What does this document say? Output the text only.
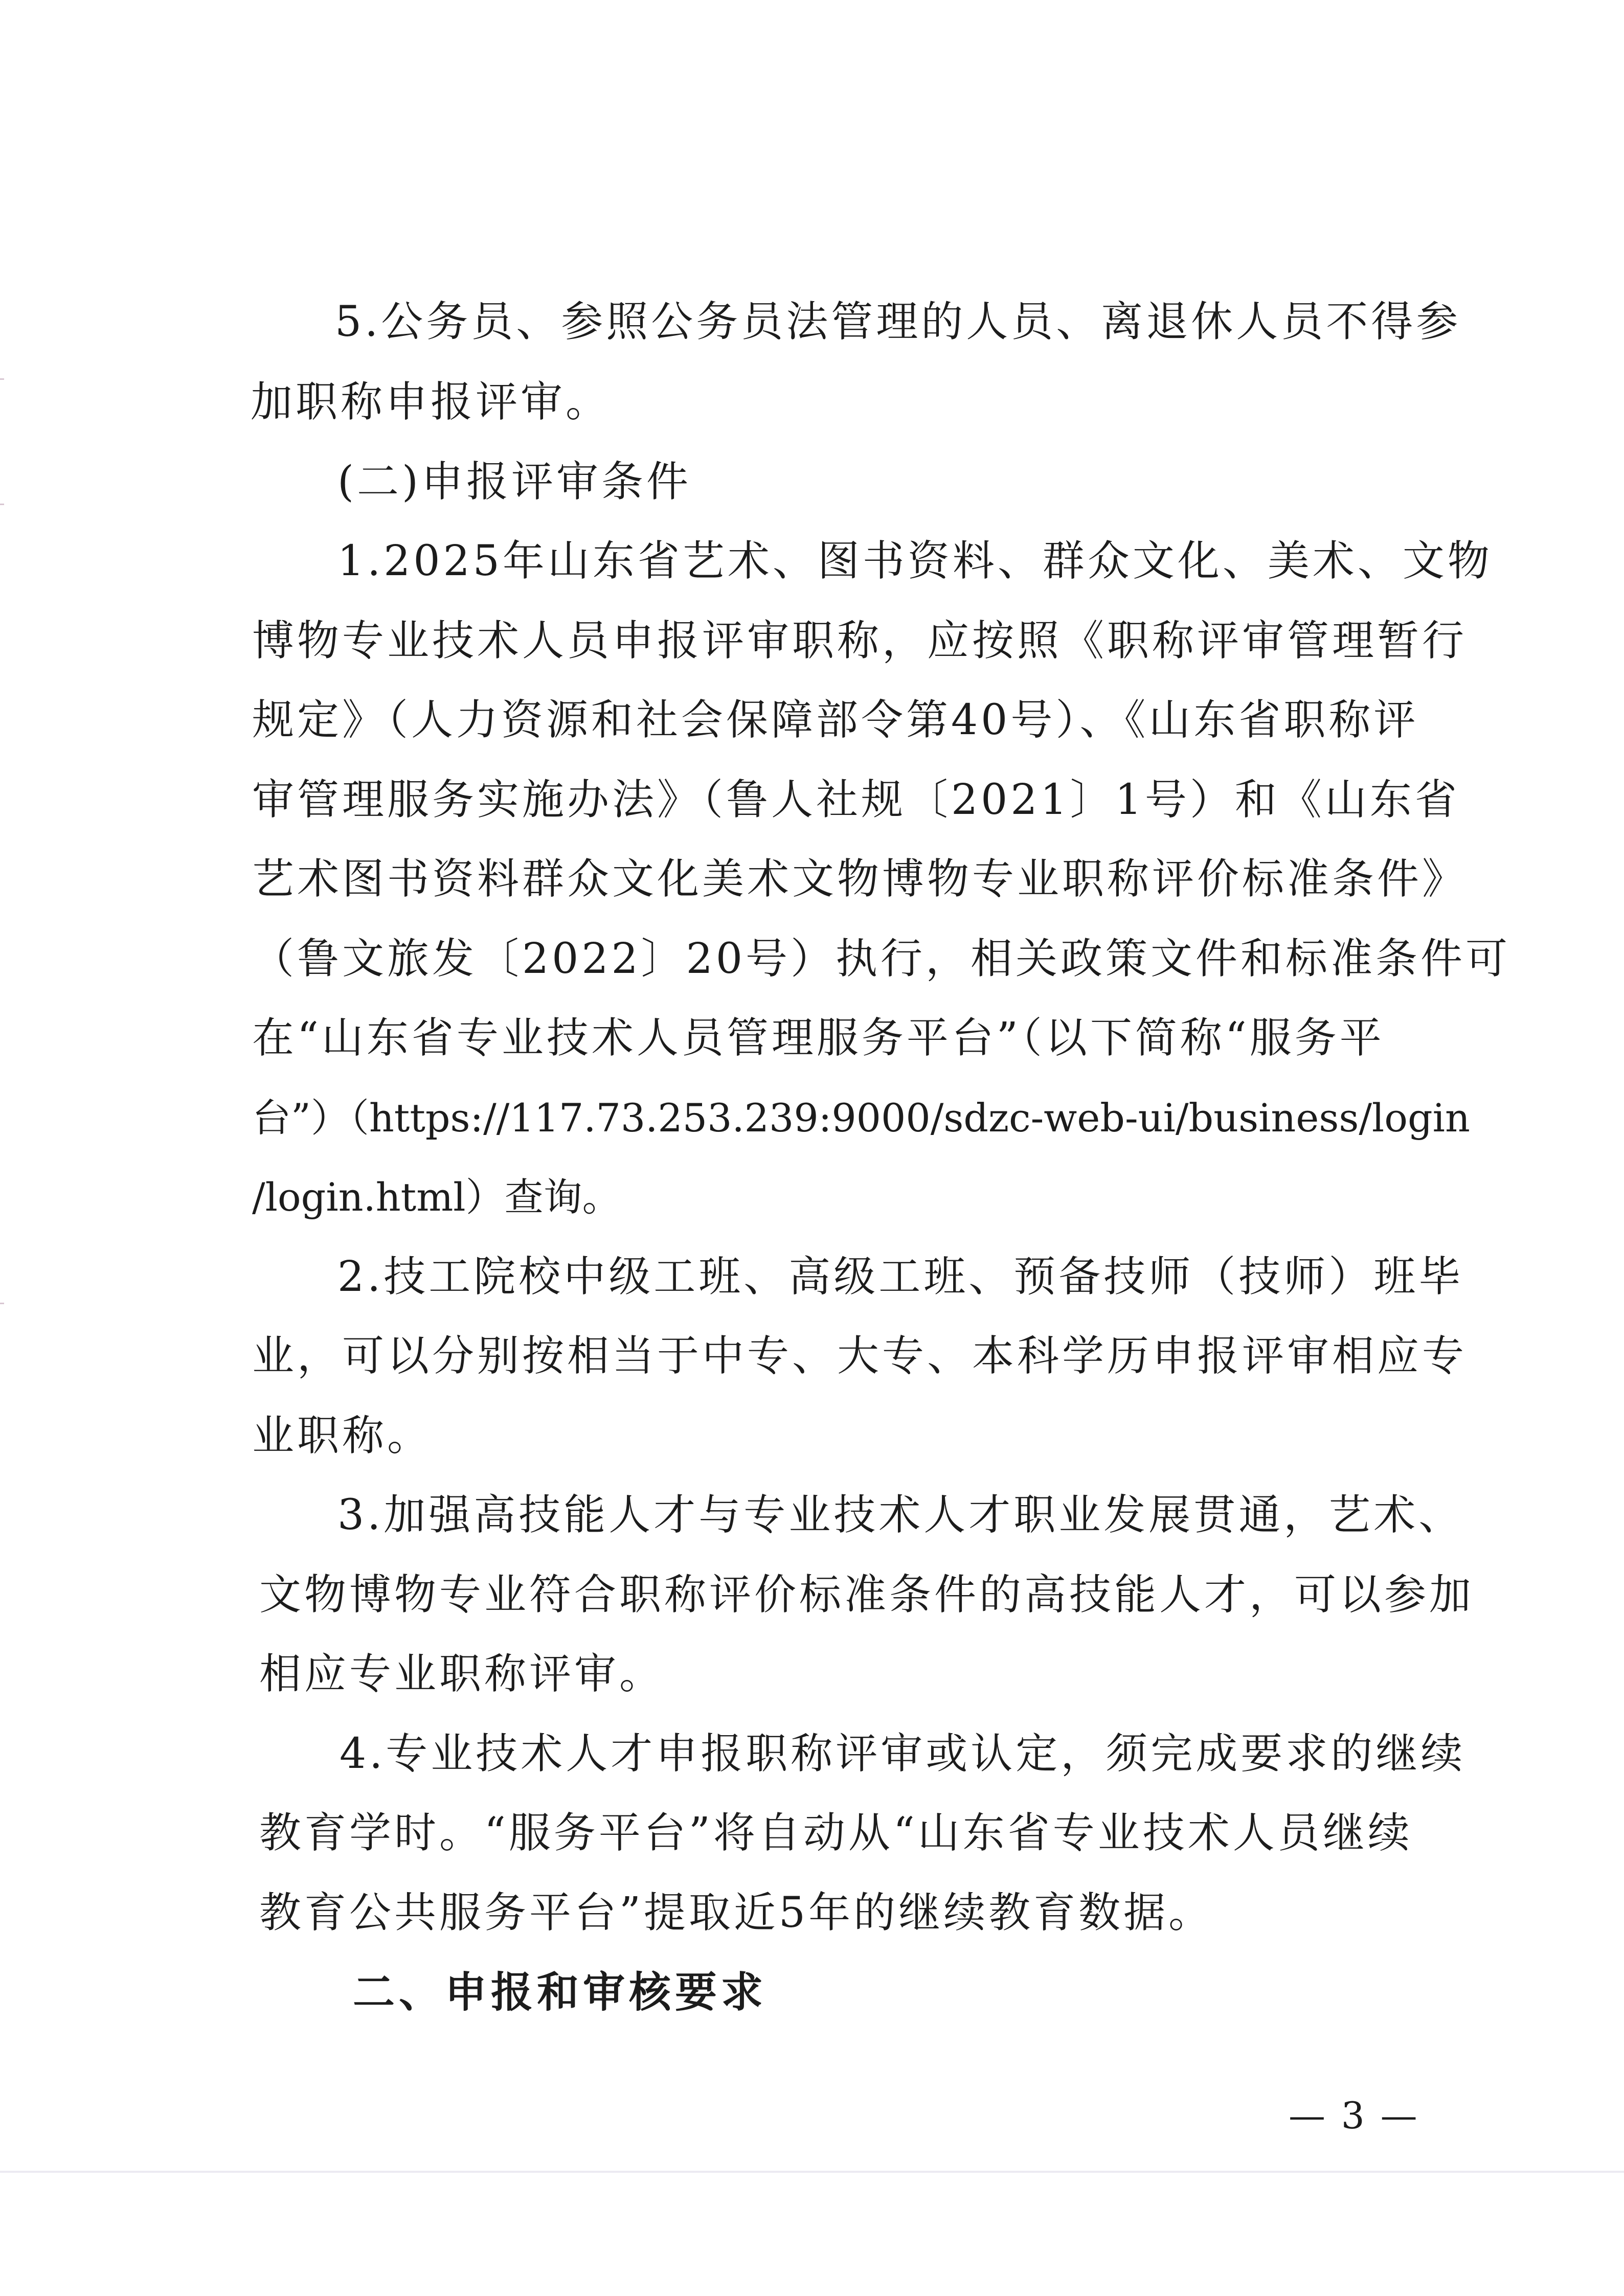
5.公务员、参照公务员法管理的人员、离退休人员不得参
加职称申报评审。
(二)申报评审条件
1.2025年山东省艺术、图书资料、群众文化、美术、文物
博物专业技术人员申报评审职称，应按照《职称评审管理暂行
规定》（人力资源和社会保障部令第40号）、《山东省职称评
审管理服务实施办法》（鲁人社规〔2021〕1号）和《山东省
艺术图书资料群众文化美术文物博物专业职称评价标准条件》
（鲁文旅发〔2022〕20号）执行，相关政策文件和标准条件可
在“山东省专业技术人员管理服务平台”（以下简称“服务平
台”）（https://117.73.253.239:9000/sdzc-web-ui/business/login
/login.html）查询。
2.技工院校中级工班、高级工班、预备技师（技师）班毕
业，可以分别按相当于中专、大专、本科学历申报评审相应专
业职称。
3.加强高技能人才与专业技术人才职业发展贯通，艺术、
文物博物专业符合职称评价标准条件的高技能人才，可以参加
相应专业职称评审。
4.专业技术人才申报职称评审或认定，须完成要求的继续
教育学时。“服务平台”将自动从“山东省专业技术人员继续
教育公共服务平台”提取近5年的继续教育数据。
二、申报和审核要求
— 3 —
